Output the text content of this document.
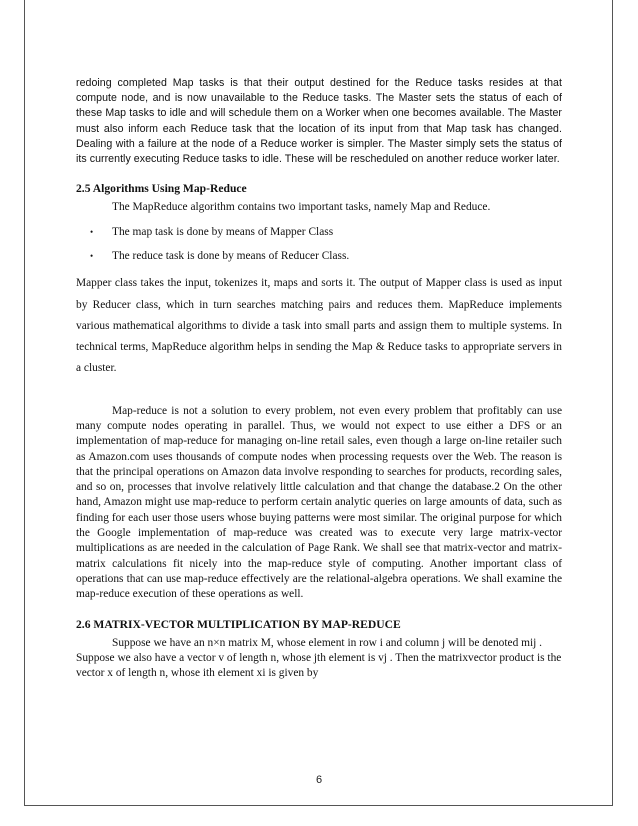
redoing completed Map tasks is that their output destined for the Reduce tasks resides at that compute node, and is now unavailable to the Reduce tasks. The Master sets the status of each of these Map tasks to idle and will schedule them on a Worker when one becomes available. The Master must also inform each Reduce task that the location of its input from that Map task has changed. Dealing with a failure at the node of a Reduce worker is simpler. The Master simply sets the status of its currently executing Reduce tasks to idle. These will be rescheduled on another reduce worker later.

2.5 Algorithms Using Map-Reduce

The MapReduce algorithm contains two important tasks, namely Map and Reduce.

• The map task is done by means of Mapper Class
• The reduce task is done by means of Reducer Class.

Mapper class takes the input, tokenizes it, maps and sorts it. The output of Mapper class is used as input by Reducer class, which in turn searches matching pairs and reduces them. MapReduce implements various mathematical algorithms to divide a task into small parts and assign them to multiple systems. In technical terms, MapReduce algorithm helps in sending the Map & Reduce tasks to appropriate servers in a cluster.

Map-reduce is not a solution to every problem, not even every problem that profitably can use many compute nodes operating in parallel. Thus, we would not expect to use either a DFS or an implementation of map-reduce for managing on-line retail sales, even though a large on-line retailer such as Amazon.com uses thousands of compute nodes when processing requests over the Web. The reason is that the principal operations on Amazon data involve responding to searches for products, recording sales, and so on, processes that involve relatively little calculation and that change the database.2 On the other hand, Amazon might use map-reduce to perform certain analytic queries on large amounts of data, such as finding for each user those users whose buying patterns were most similar. The original purpose for which the Google implementation of map-reduce was created was to execute very large matrix-vector multiplications as are needed in the calculation of Page Rank. We shall see that matrix-vector and matrix-matrix calculations fit nicely into the map-reduce style of computing. Another important class of operations that can use map-reduce effectively are the relational-algebra operations. We shall examine the map-reduce execution of these operations as well.

2.6 MATRIX-VECTOR MULTIPLICATION BY MAP-REDUCE

Suppose we have an n×n matrix M, whose element in row i and column j will be denoted mij . Suppose we also have a vector v of length n, whose jth element is vj . Then the matrixvector product is the vector x of length n, whose ith element xi is given by

6
